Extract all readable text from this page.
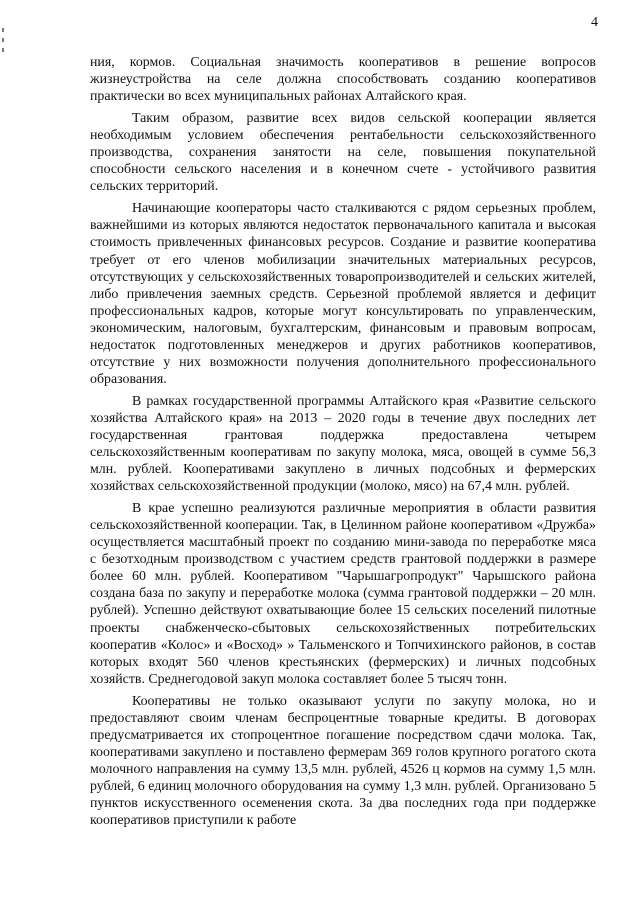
4

ния, кормов. Социальная значимость кооперативов в решение вопросов жизнеустройства на селе должна способствовать созданию кооперативов практически во всех муниципальных районах Алтайского края.

Таким образом, развитие всех видов сельской кооперации является необходимым условием обеспечения рентабельности сельскохозяйственного производства, сохранения занятости на селе, повышения покупательной способности сельского населения и в конечном счете - устойчивого развития сельских территорий.

Начинающие кооператоры часто сталкиваются с рядом серьезных проблем, важнейшими из которых являются недостаток первоначального капитала и высокая стоимость привлеченных финансовых ресурсов. Создание и развитие кооператива требует от его членов мобилизации значительных материальных ресурсов, отсутствующих у сельскохозяйственных товаропроизводителей и сельских жителей, либо привлечения заемных средств. Серьезной проблемой является и дефицит профессиональных кадров, которые могут консультировать по управленческим, экономическим, налоговым, бухгалтерским, финансовым и правовым вопросам, недостаток подготовленных менеджеров и других работников кооперативов, отсутствие у них возможности получения дополнительного профессионального образования.

В рамках государственной программы Алтайского края «Развитие сельского хозяйства Алтайского края» на 2013 – 2020 годы в течение двух последних лет государственная грантовая поддержка предоставлена четырем сельскохозяйственным кооперативам по закупу молока, мяса, овощей в сумме 56,3 млн. рублей. Кооперативами закуплено в личных подсобных и фермерских хозяйствах сельскохозяйственной продукции (молоко, мясо) на 67,4 млн. рублей.

В крае успешно реализуются различные мероприятия в области развития сельскохозяйственной кооперации. Так, в Целинном районе кооперативом «Дружба» осуществляется масштабный проект по созданию мини-завода по переработке мяса с безотходным производством с участием средств грантовой поддержки в размере более 60 млн. рублей. Кооперативом "Чарышагропродукт" Чарышского района создана база по закупу и переработке молока (сумма грантовой поддержки – 20 млн. рублей). Успешно действуют охватывающие более 15 сельских поселений пилотные проекты снабженческо-сбытовых сельскохозяйственных потребительских кооператив «Колос» и «Восход» » Тальменского и Топчихинского районов, в состав которых входят 560 членов крестьянских (фермерских) и личных подсобных хозяйств. Среднегодовой закуп молока составляет более 5 тысяч тонн.

Кооперативы не только оказывают услуги по закупу молока, но и предоставляют своим членам беспроцентные товарные кредиты. В договорах предусматривается их стопроцентное погашение посредством сдачи молока. Так, кооперативами закуплено и поставлено фермерам 369 голов крупного рогатого скота молочного направления на сумму 13,5 млн. рублей, 4526 ц кормов на сумму 1,5 млн. рублей, 6 единиц молочного оборудования на сумму 1,3 млн. рублей. Организовано 5 пунктов искусственного осеменения скота. За два последних года при поддержке кооперативов приступили к работе
